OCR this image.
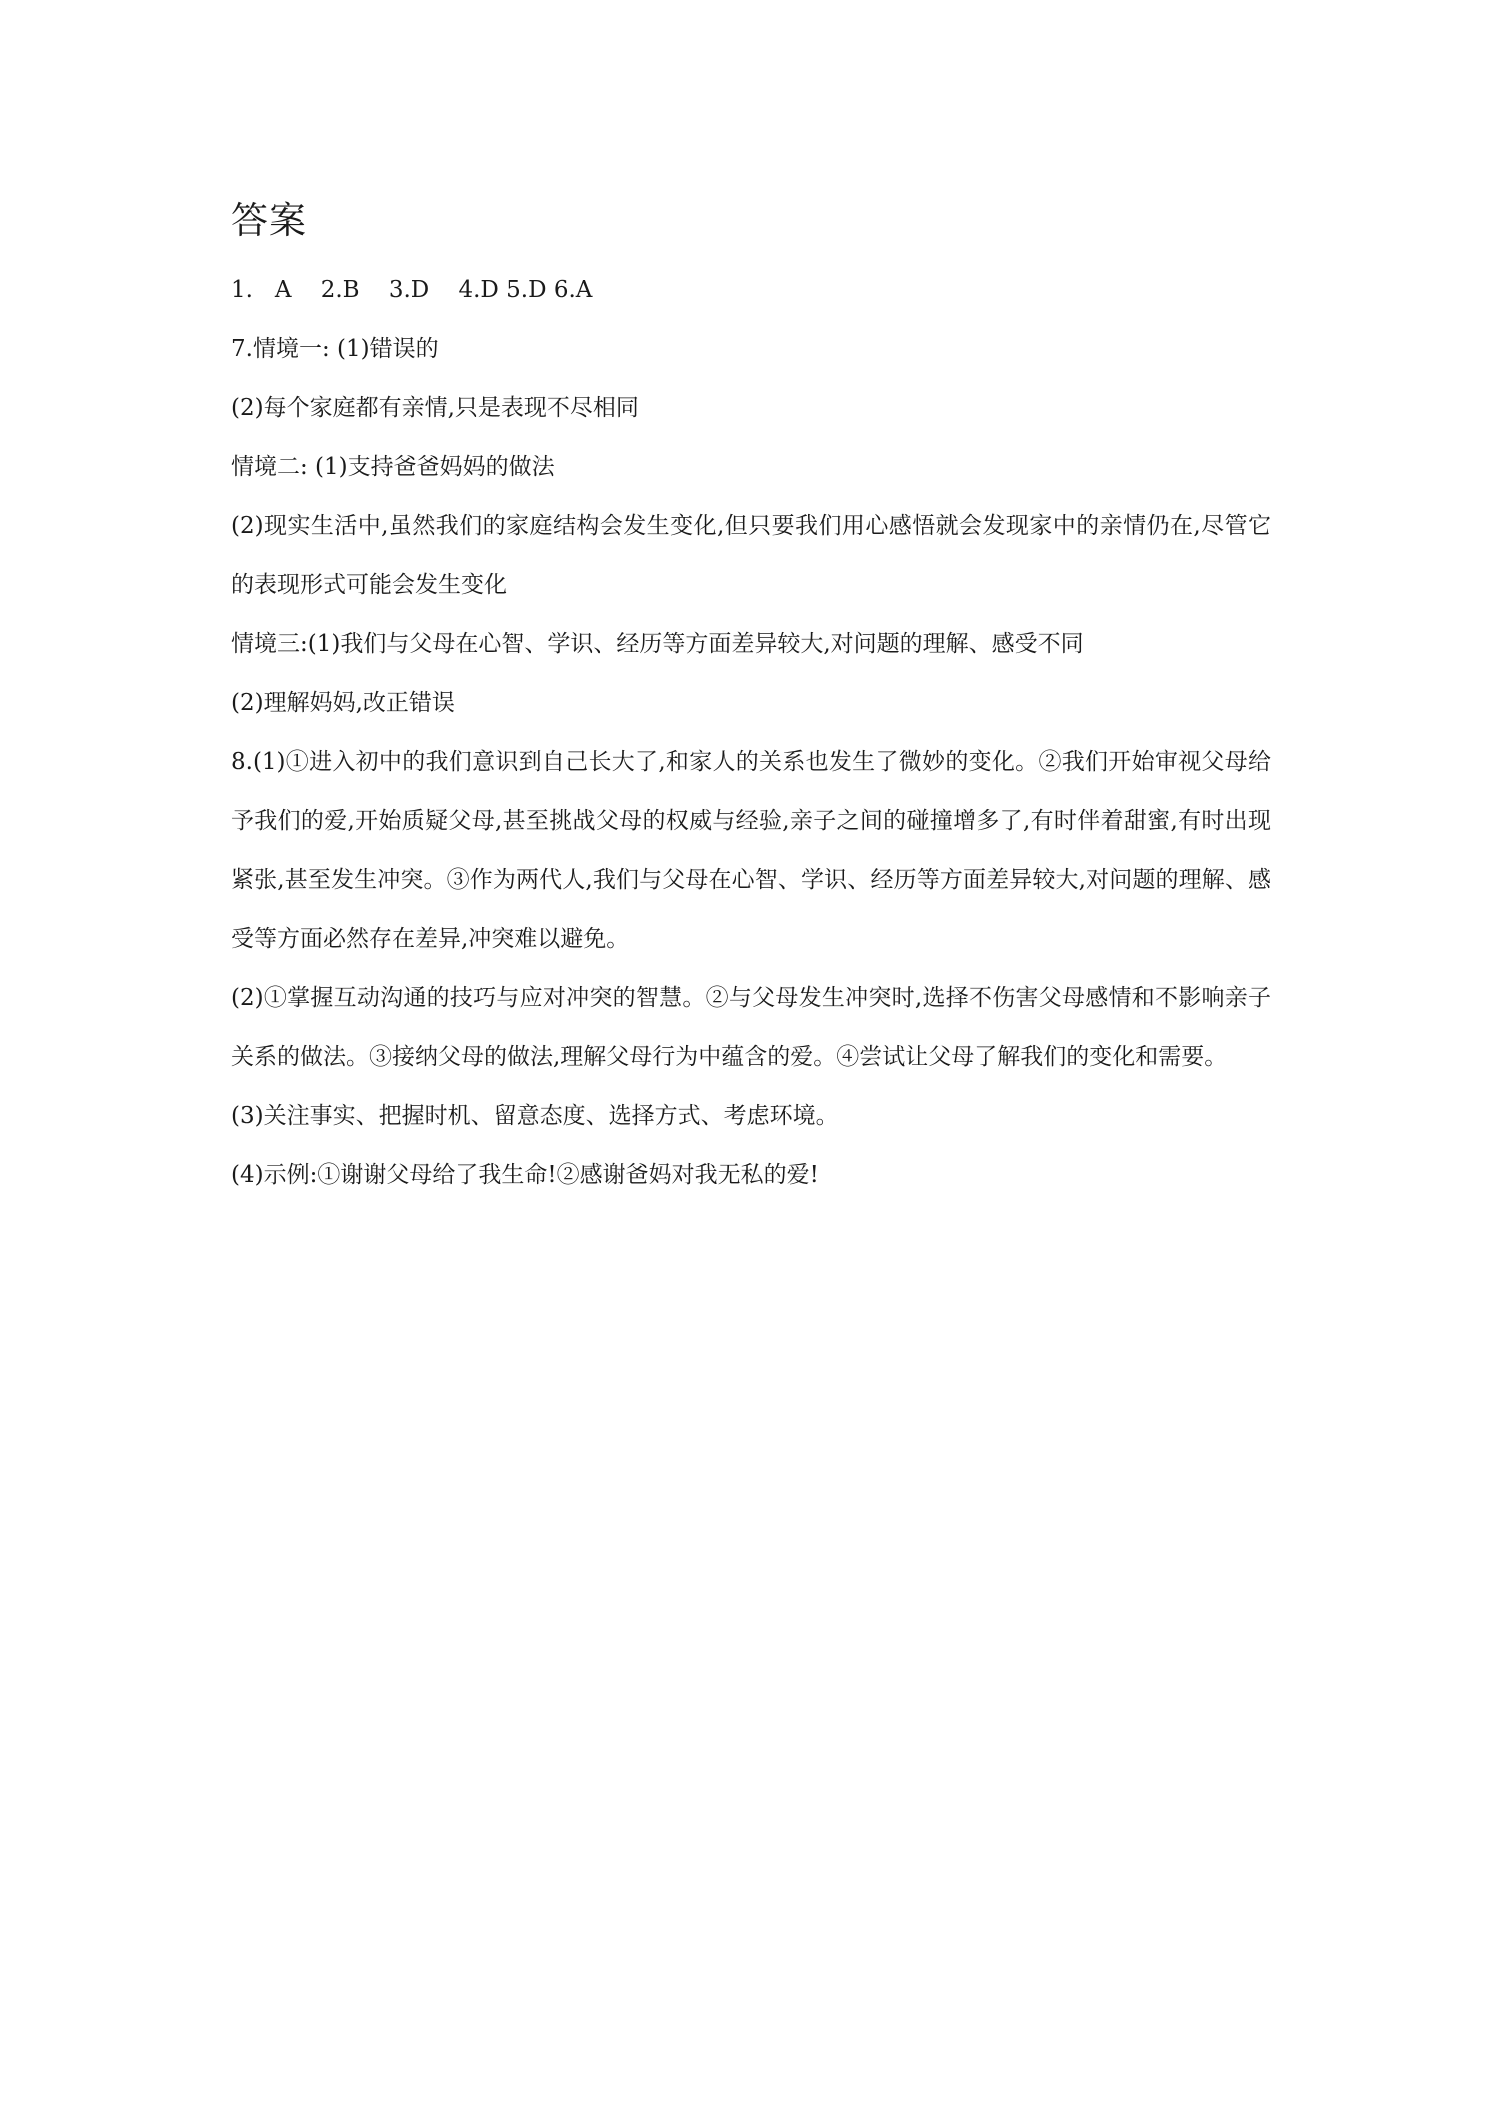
答案

1.   A    2.B    3.D    4.D 5.D 6.A

7.情境一: (1)错误的

(2)每个家庭都有亲情,只是表现不尽相同

情境二: (1)支持爸爸妈妈的做法

(2)现实生活中,虽然我们的家庭结构会发生变化,但只要我们用心感悟就会发现家中的亲情仍在,尽管它的表现形式可能会发生变化

情境三:(1)我们与父母在心智、学识、经历等方面差异较大,对问题的理解、感受不同

(2)理解妈妈,改正错误

8.(1)①进入初中的我们意识到自己长大了,和家人的关系也发生了微妙的变化。②我们开始审视父母给予我们的爱,开始质疑父母,甚至挑战父母的权威与经验,亲子之间的碰撞增多了,有时伴着甜蜜,有时出现紧张,甚至发生冲突。③作为两代人,我们与父母在心智、学识、经历等方面差异较大,对问题的理解、感受等方面必然存在差异,冲突难以避免。

(2)①掌握互动沟通的技巧与应对冲突的智慧。②与父母发生冲突时,选择不伤害父母感情和不影响亲子关系的做法。③接纳父母的做法,理解父母行为中蕴含的爱。④尝试让父母了解我们的变化和需要。

(3)关注事实、把握时机、留意态度、选择方式、考虑环境。

(4)示例:①谢谢父母给了我生命!②感谢爸妈对我无私的爱!
